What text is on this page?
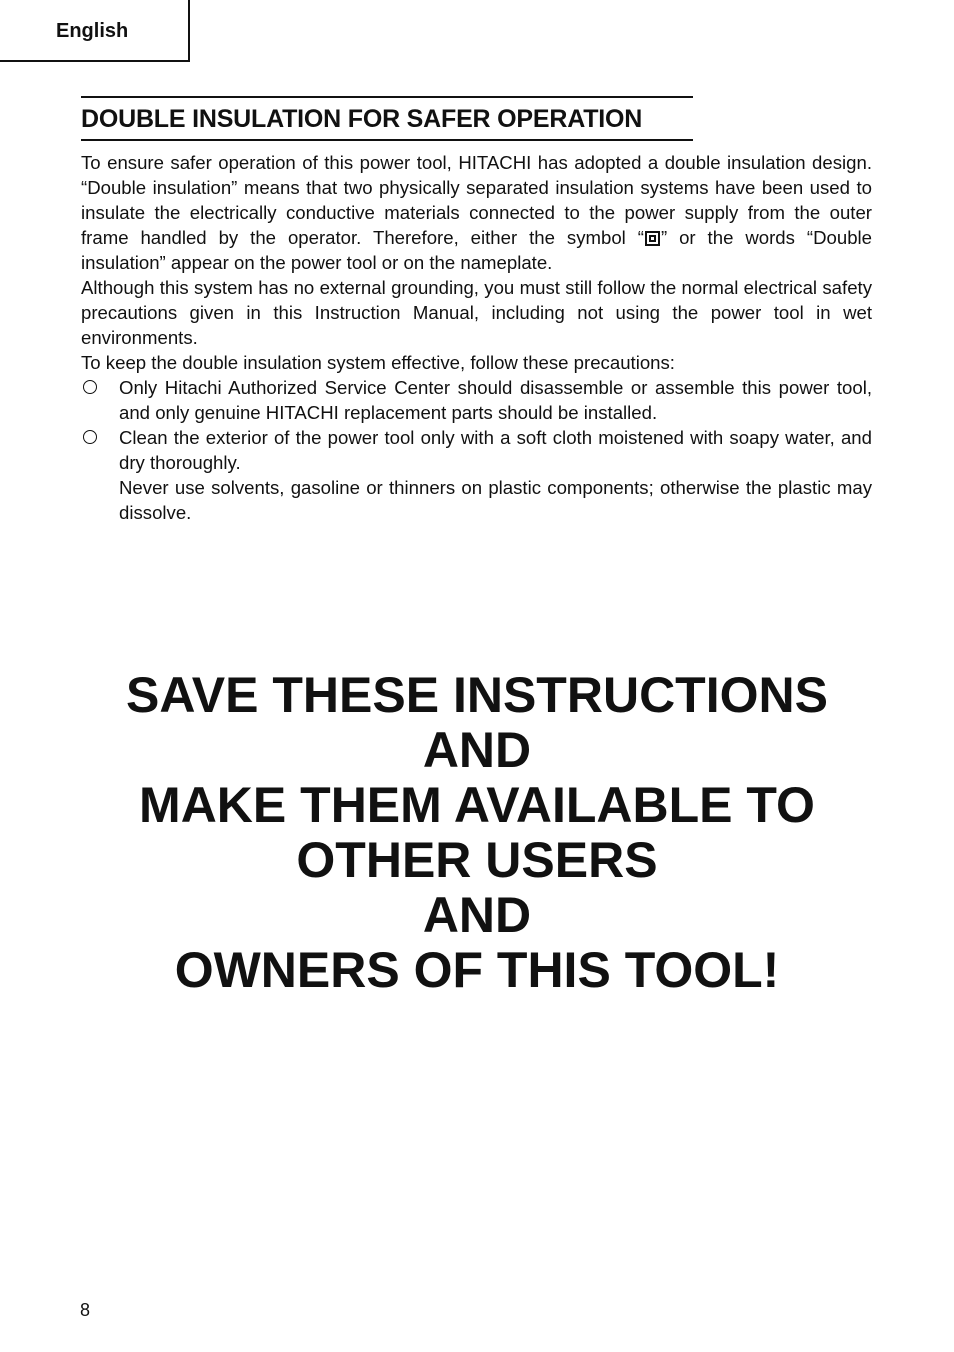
English
DOUBLE INSULATION FOR SAFER OPERATION

To ensure safer operation of this power tool, HITACHI has adopted a double insulation design. “Double insulation” means that two physically separated insulation systems have been used to insulate the electrically conductive materials connected to the power supply from the outer frame handled by the operator. Therefore, either the symbol “ ” or the words “Double insulation” appear on the power tool or on the nameplate.

Although this system has no external grounding, you must still follow the normal electrical safety precautions given in this Instruction Manual, including not using the power tool in wet environments.

To keep the double insulation system effective, follow these precautions:

Only Hitachi Authorized Service Center should disassemble or assemble this power tool, and only genuine HITACHI replacement parts should be installed.

Clean the exterior of the power tool only with a soft cloth moistened with soapy water, and dry thoroughly.

Never use solvents, gasoline or thinners on plastic components; otherwise the plastic may dissolve.

SAVE THESE INSTRUCTIONS
AND
MAKE THEM AVAILABLE TO
OTHER USERS
AND
OWNERS OF THIS TOOL!
8
